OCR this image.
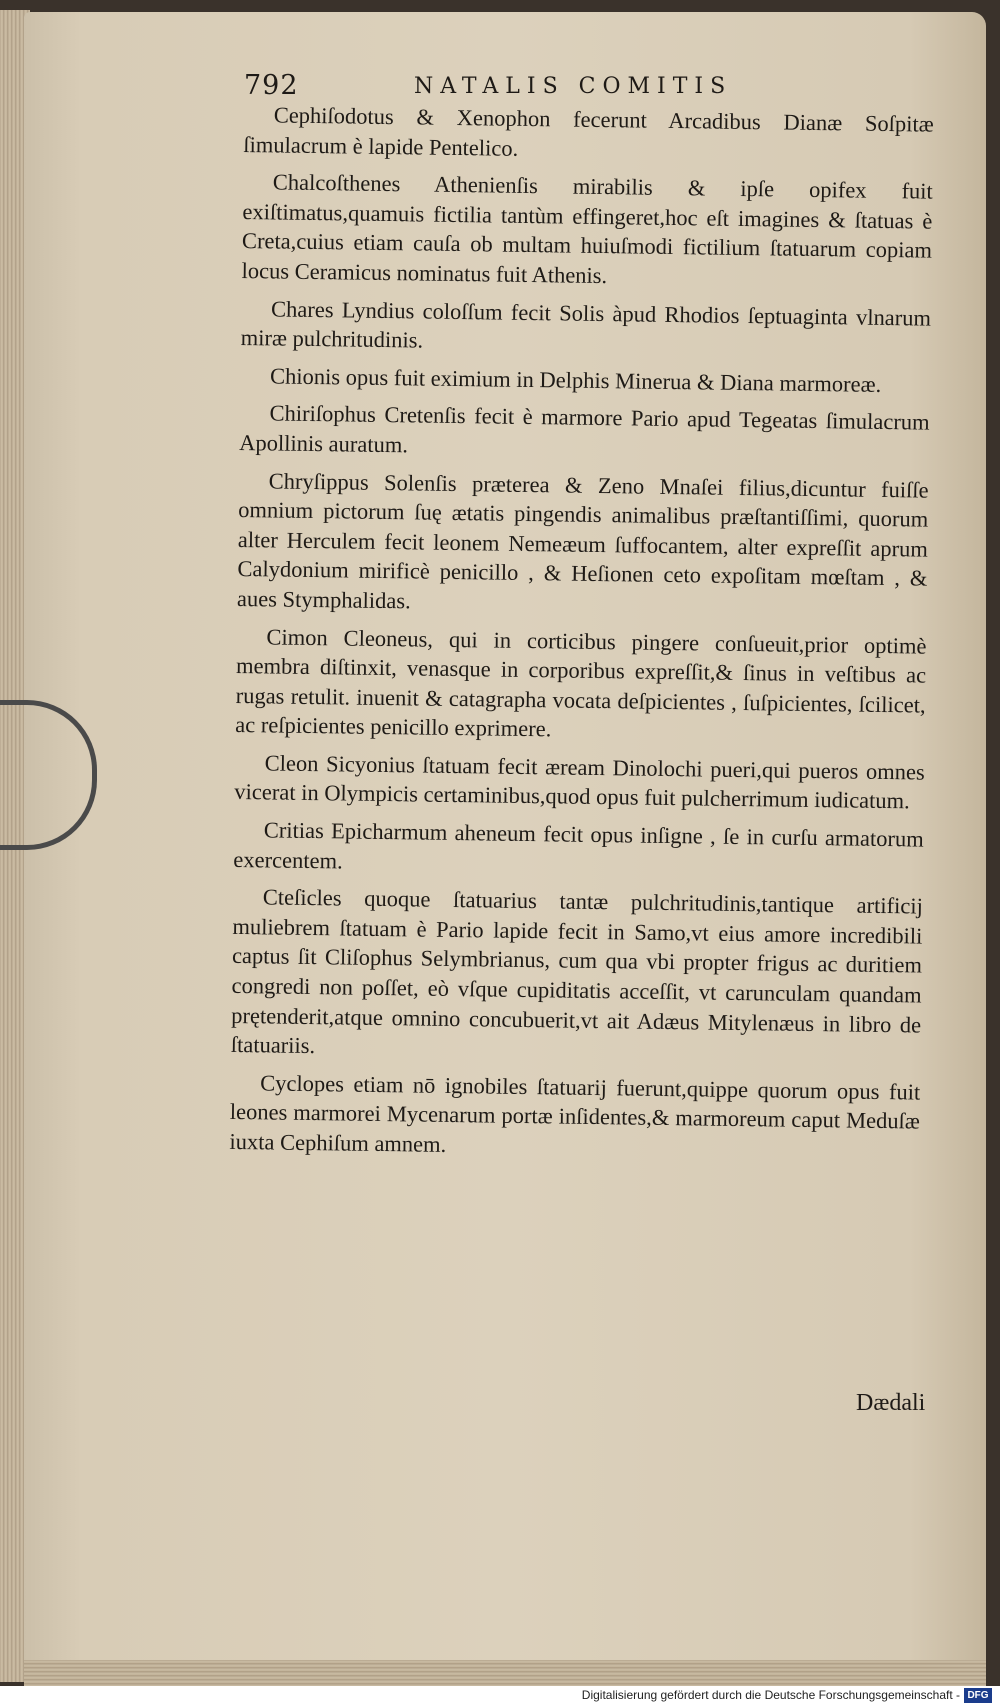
792	NATALIS COMITIS

Cephiſodotus & Xenophon fecerunt Arcadibus Dianæ Soſpitæ ſimulacrum è lapide Pentelico.

Chalcoſthenes Athenienſis mirabilis & ipſe opifex fuit exiſtimatus,quamuis fictilia tantùm effingeret,hoc eſt imagines & ſtatuas è Creta,cuius etiam cauſa ob multam huiuſmodi fictilium ſtatuarum copiam locus Ceramicus nominatus fuit Athenis.

Chares Lyndius coloſſum fecit Solis àpud Rhodios ſeptuaginta vlnarum miræ pulchritudinis.

Chionis opus fuit eximium in Delphis Minerua & Diana marmoreæ.

Chiriſophus Cretenſis fecit è marmore Pario apud Tegeatas ſimulacrum Apollinis auratum.

Chryſippus Solenſis præterea & Zeno Mnaſei filius,dicuntur fuiſſe omnium pictorum ſuę ætatis pingendis animalibus præſtantiſſimi, quorum alter Herculem fecit leonem Nemeæum ſuffocantem, alter expreſſit aprum Calydonium mirificè penicillo , & Heſionen ceto expoſitam mœſtam , & aues Stymphalidas.

Cimon Cleoneus, qui in corticibus pingere conſueuit,prior optimè membra diſtinxit, venasque in corporibus expreſſit,& ſinus in veſtibus ac rugas retulit. inuenit & catagrapha vocata deſpicientes , ſuſpicientes, ſcilicet, ac reſpicientes penicillo exprimere.

Cleon Sicyonius ſtatuam fecit æream Dinolochi pueri,qui pueros omnes vicerat in Olympicis certaminibus,quod opus fuit pulcherrimum iudicatum.

Critias Epicharmum aheneum fecit opus inſigne , ſe in curſu armatorum exercentem.

Cteſicles quoque ſtatuarius tantæ pulchritudinis,tantique artificij muliebrem ſtatuam è Pario lapide fecit in Samo,vt eius amore incredibili captus ſit Cliſophus Selymbrianus, cum qua vbi propter frigus ac duritiem congredi non poſſet, eò vſque cupiditatis acceſſit, vt carunculam quandam prętenderit,atque omnino concubuerit,vt ait Adæus Mitylenæus in libro de ſtatuariis.

Cyclopes etiam nō ignobiles ſtatuarij fuerunt,quippe quorum opus fuit leones marmorei Mycenarum portæ inſidentes,& marmoreum caput Meduſæ iuxta Cephiſum amnem.

Dædali
Digitalisierung gefördert durch die Deutsche Forschungsgemeinschaft - DFG
